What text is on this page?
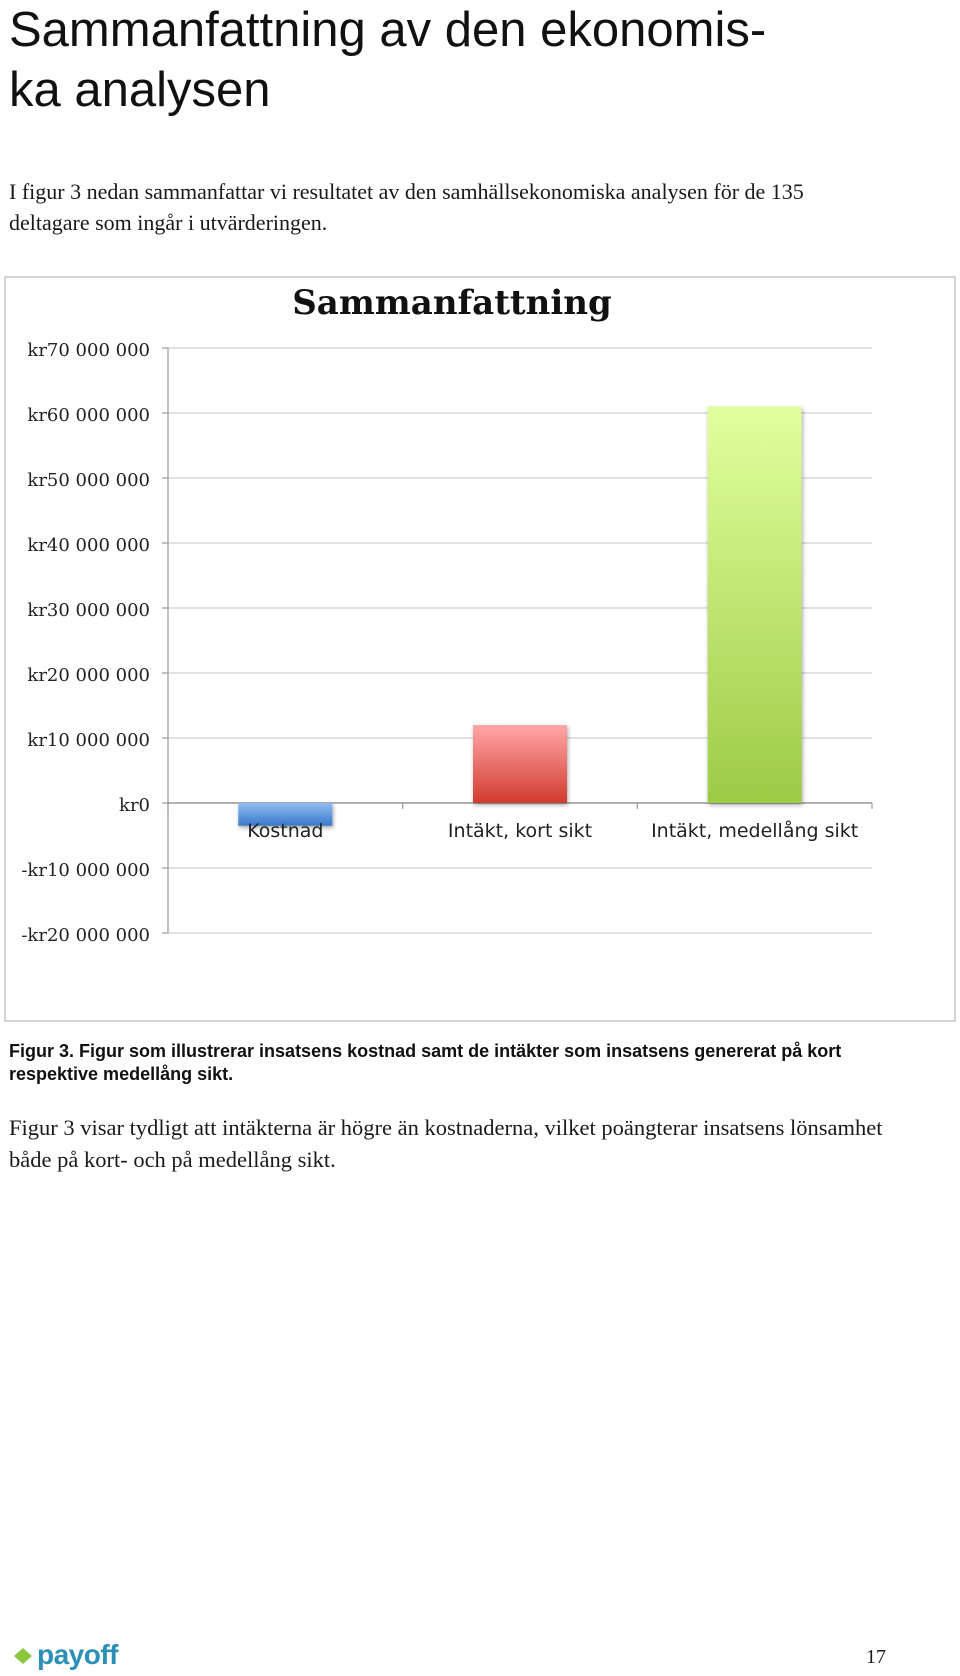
Sammanfattning av den ekonomis-
ka analysen

I figur 3 nedan sammanfattar vi resultatet av den samhällsekonomiska analysen för de 135 deltagare som ingår i utvärderingen.

Sammanfattning
kr70 000 000
kr60 000 000
kr50 000 000
kr40 000 000
kr30 000 000
kr20 000 000
kr10 000 000
kr0
-kr10 000 000
-kr20 000 000
Kostnad	Intäkt, kort sikt	Intäkt, medellång sikt

Figur 3. Figur som illustrerar insatsens kostnad samt de intäkter som insatsens genererat på kort respektive medellång sikt.

Figur 3 visar tydligt att intäkterna är högre än kostnaderna, vilket poängterar insatsens lönsamhet både på kort- och på medellång sikt.

payoff	17
